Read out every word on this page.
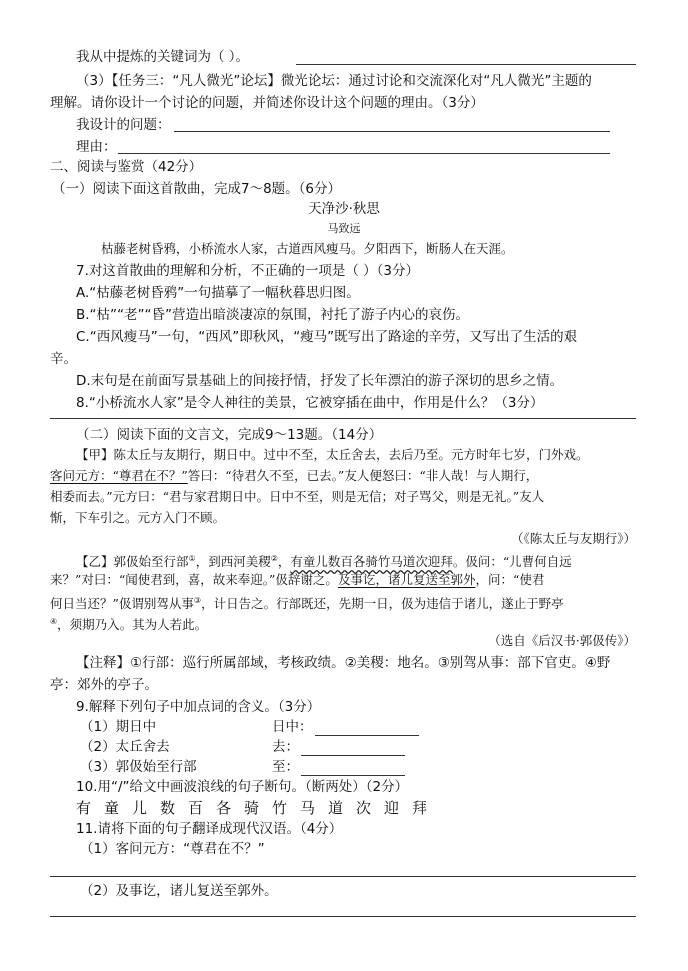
我从中提炼的关键词为（ ）。
（3）【任务三：“凡人微光”论坛】微光论坛：通过讨论和交流深化对“凡人微光”主题的
理解。请你设计一个讨论的问题，并简述你设计这个问题的理由。（3分）
我设计的问题：
理由：
二、阅读与鉴赏（42分）
（一）阅读下面这首散曲，完成7～8题。（6分）
天净沙·秋思
马致远
枯藤老树昏鸦，小桥流水人家，古道西风瘦马。夕阳西下，断肠人在天涯。
7.对这首散曲的理解和分析，不正确的一项是（ ）（3分）
A.“枯藤老树昏鸦”一句描摹了一幅秋暮思归图。
B.“枯”“老”“昏”营造出暗淡凄凉的氛围，衬托了游子内心的哀伤。
C.“西风瘦马”一句，“西风”即秋风，“瘦马”既写出了路途的辛劳，又写出了生活的艰
辛。
D.末句是在前面写景基础上的间接抒情，抒发了长年漂泊的游子深切的思乡之情。
8.“小桥流水人家”是令人神往的美景，它被穿插在曲中，作用是什么？（3分）
（二）阅读下面的文言文，完成9～13题。（14分）
【甲】陈太丘与友期行，期日中。过中不至，太丘舍去，去后乃至。元方时年七岁，门外戏。
客问元方：“尊君在不？”答曰：“待君久不至，已去。”友人便怒曰：“非人哉！与人期行，
相委而去。”元方曰：“君与家君期日中。日中不至，则是无信；对子骂父，则是无礼。”友人
惭，下车引之。元方入门不顾。
（《陈太丘与友期行》）
【乙】郭伋始至行部①，到西河美稷②，有童儿数百各骑竹马道次迎拜。伋问：“儿曹何自远
来？”对曰：“闻使君到，喜，故来奉迎。”伋辞谢之。及事讫，诸儿复送至郭外，问：“使君
何日当还？”伋谓别驾从事③，计日告之。行部既还，先期一日，伋为违信于诸儿，遂止于野亭
④，须期乃入。其为人若此。
（选自《后汉书·郭伋传》）
【注释】①行部：巡行所属部域，考核政绩。②美稷：地名。③别驾从事：部下官吏。④野
亭：郊外的亭子。
9.解释下列句子中加点词的含义。（3分）
（1）期日中	日中：
（2）太丘舍去	去：
（3）郭伋始至行部	至：
10.用“/”给文中画波浪线的句子断句。（断两处）（2分）
有童儿数百各骑竹马道次迎拜
11.请将下面的句子翻译成现代汉语。（4分）
（1）客问元方：“尊君在不？”
（2）及事讫，诸儿复送至郭外。
